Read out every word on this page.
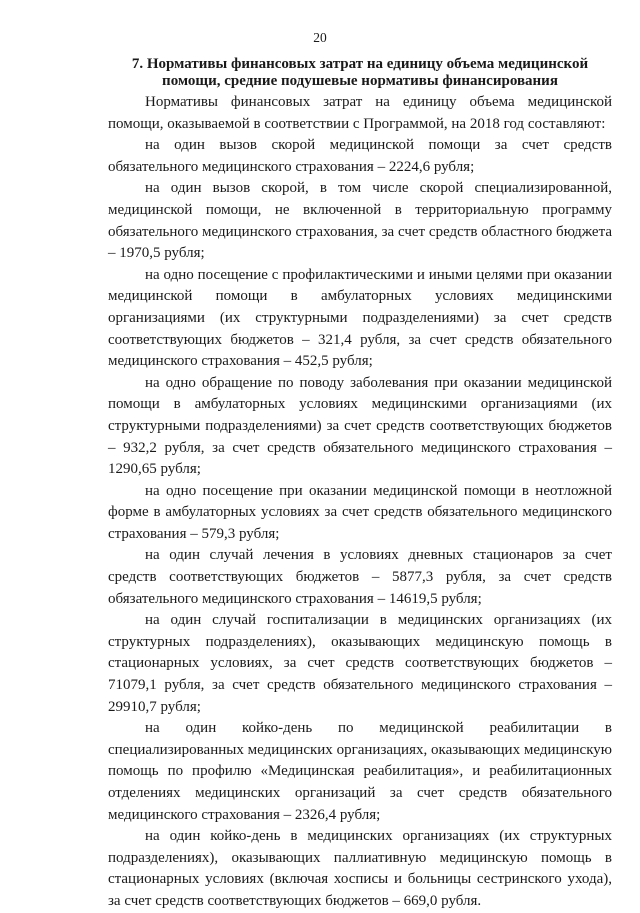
20
7. Нормативы финансовых затрат на единицу объема медицинской
помощи, средние подушевые нормативы финансирования

Нормативы финансовых затрат на единицу объема медицинской помощи, оказываемой в соответствии с Программой, на 2018 год составляют:

на один вызов скорой медицинской помощи за счет средств обязательного медицинского страхования – 2224,6 рубля;

на один вызов скорой, в том числе скорой специализированной, медицинской помощи, не включенной в территориальную программу обязательного медицинского страхования, за счет средств областного бюджета – 1970,5 рубля;

на одно посещение с профилактическими и иными целями при оказании медицинской помощи в амбулаторных условиях медицинскими организациями (их структурными подразделениями) за счет средств соответствующих бюджетов – 321,4 рубля, за счет средств обязательного медицинского страхования – 452,5 рубля;

на одно обращение по поводу заболевания при оказании медицинской помощи в амбулаторных условиях медицинскими организациями (их структурными подразделениями) за счет средств соответствующих бюджетов – 932,2 рубля, за счет средств обязательного медицинского страхования – 1290,65 рубля;

на одно посещение при оказании медицинской помощи в неотложной форме в амбулаторных условиях за счет средств обязательного медицинского страхования – 579,3 рубля;

на один случай лечения в условиях дневных стационаров за счет средств соответствующих бюджетов – 5877,3 рубля, за счет средств обязательного медицинского страхования – 14619,5 рубля;

на один случай госпитализации в медицинских организациях (их структурных подразделениях), оказывающих медицинскую помощь в стационарных условиях, за счет средств соответствующих бюджетов – 71079,1 рубля, за счет средств обязательного медицинского страхования – 29910,7 рубля;

на один койко-день по медицинской реабилитации в специализированных медицинских организациях, оказывающих медицинскую помощь по профилю «Медицинская реабилитация», и реабилитационных отделениях медицинских организаций за счет средств обязательного медицинского страхования – 2326,4 рубля;

на один койко-день в медицинских организациях (их структурных подразделениях), оказывающих паллиативную медицинскую помощь в стационарных условиях (включая хосписы и больницы сестринского ухода), за счет средств соответствующих бюджетов – 669,0 рубля.
